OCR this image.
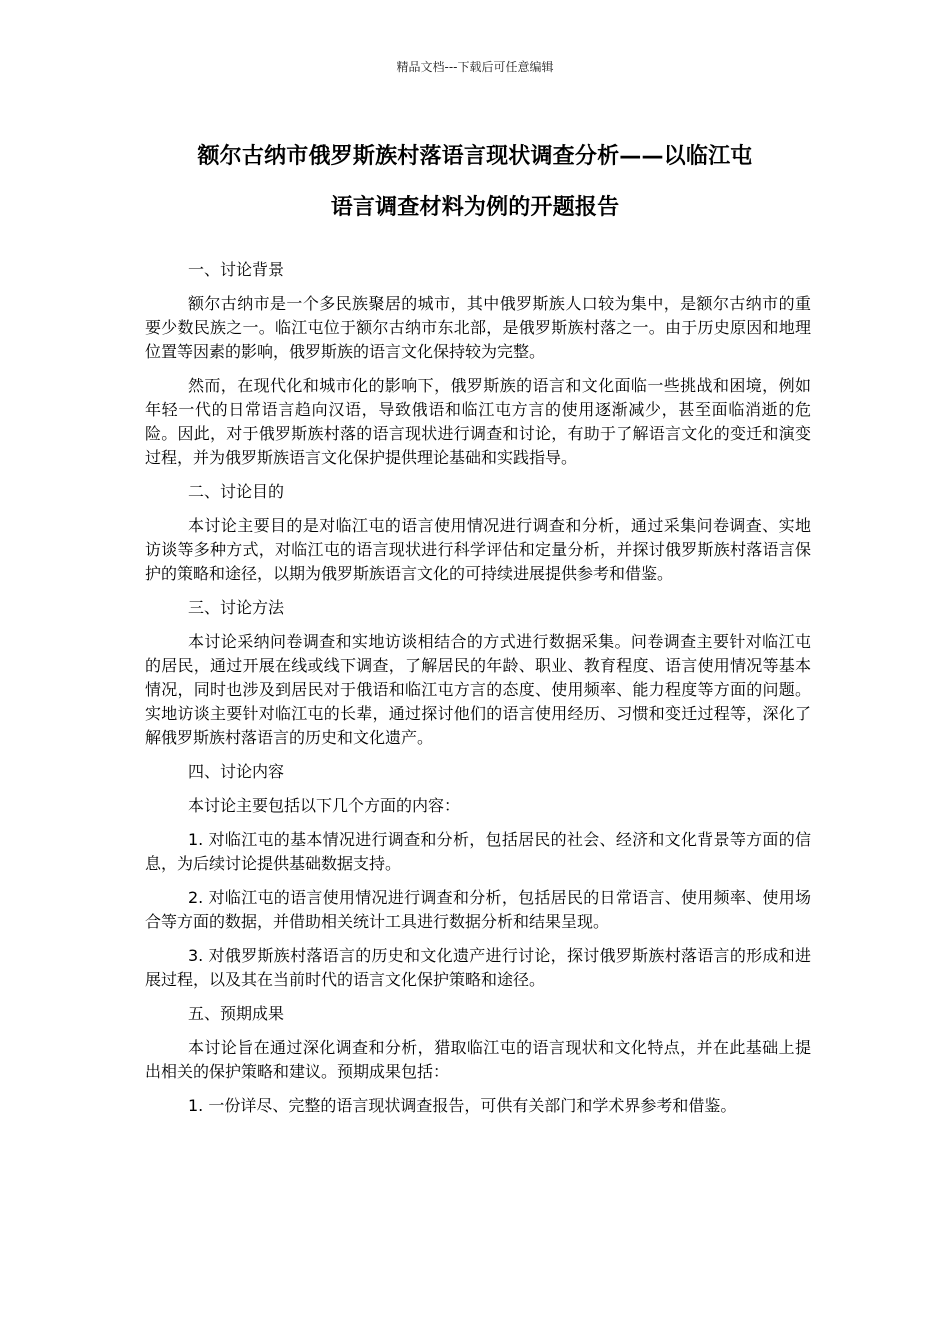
精品文档---下载后可任意编辑
额尔古纳市俄罗斯族村落语言现状调查分析——以临江屯
语言调查材料为例的开题报告

一、讨论背景

额尔古纳市是一个多民族聚居的城市，其中俄罗斯族人口较为集中，是额尔古纳市的重要少数民族之一。临江屯位于额尔古纳市东北部，是俄罗斯族村落之一。由于历史原因和地理位置等因素的影响，俄罗斯族的语言文化保持较为完整。

然而，在现代化和城市化的影响下，俄罗斯族的语言和文化面临一些挑战和困境，例如年轻一代的日常语言趋向汉语，导致俄语和临江屯方言的使用逐渐减少，甚至面临消逝的危险。因此，对于俄罗斯族村落的语言现状进行调查和讨论，有助于了解语言文化的变迁和演变过程，并为俄罗斯族语言文化保护提供理论基础和实践指导。

二、讨论目的

本讨论主要目的是对临江屯的语言使用情况进行调查和分析，通过采集问卷调查、实地访谈等多种方式，对临江屯的语言现状进行科学评估和定量分析，并探讨俄罗斯族村落语言保护的策略和途径，以期为俄罗斯族语言文化的可持续进展提供参考和借鉴。

三、讨论方法

本讨论采纳问卷调查和实地访谈相结合的方式进行数据采集。问卷调查主要针对临江屯的居民，通过开展在线或线下调查，了解居民的年龄、职业、教育程度、语言使用情况等基本情况，同时也涉及到居民对于俄语和临江屯方言的态度、使用频率、能力程度等方面的问题。实地访谈主要针对临江屯的长辈，通过探讨他们的语言使用经历、习惯和变迁过程等，深化了解俄罗斯族村落语言的历史和文化遗产。

四、讨论内容

本讨论主要包括以下几个方面的内容：

1. 对临江屯的基本情况进行调查和分析，包括居民的社会、经济和文化背景等方面的信息，为后续讨论提供基础数据支持。

2. 对临江屯的语言使用情况进行调查和分析，包括居民的日常语言、使用频率、使用场合等方面的数据，并借助相关统计工具进行数据分析和结果呈现。

3. 对俄罗斯族村落语言的历史和文化遗产进行讨论，探讨俄罗斯族村落语言的形成和进展过程，以及其在当前时代的语言文化保护策略和途径。

五、预期成果

本讨论旨在通过深化调查和分析，猎取临江屯的语言现状和文化特点，并在此基础上提出相关的保护策略和建议。预期成果包括：

1. 一份详尽、完整的语言现状调查报告，可供有关部门和学术界参考和借鉴。
